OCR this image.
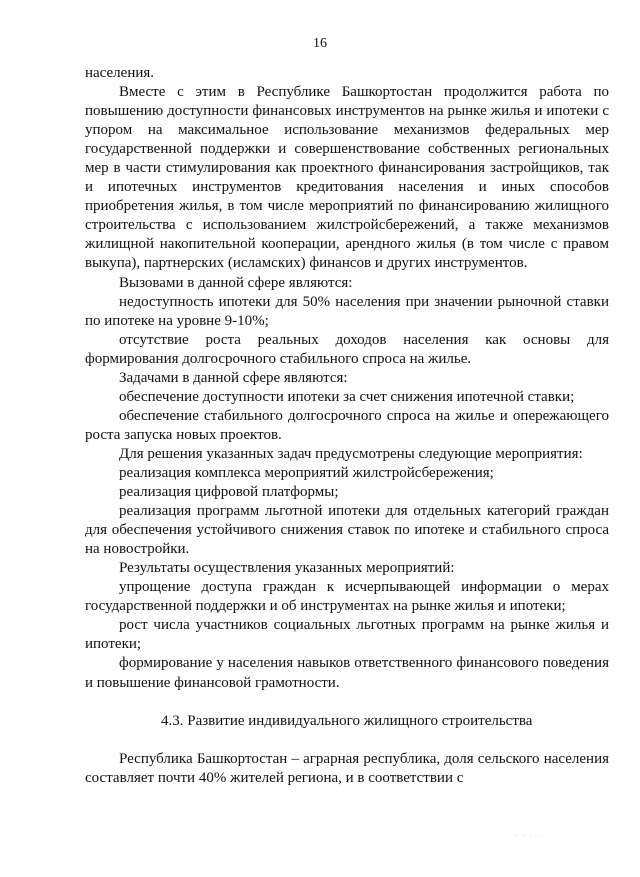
16

населения.

Вместе с этим в Республике Башкортостан продолжится работа по повышению доступности финансовых инструментов на рынке жилья и ипотеки с упором на максимальное использование механизмов федеральных мер государственной поддержки и совершенствование собственных региональных мер в части стимулирования как проектного финансирования застройщиков, так и ипотечных инструментов кредитования населения и иных способов приобретения жилья, в том числе мероприятий по финансированию жилищного строительства с использованием жилстройсбережений, а также механизмов жилищной накопительной кооперации, арендного жилья (в том числе с правом выкупа), партнерских (исламских) финансов и других инструментов.

Вызовами в данной сфере являются:

недоступность ипотеки для 50% населения при значении рыночной ставки по ипотеке на уровне 9-10%;

отсутствие роста реальных доходов населения как основы для формирования долгосрочного стабильного спроса на жилье.

Задачами в данной сфере являются:

обеспечение доступности ипотеки за счет снижения ипотечной ставки;

обеспечение стабильного долгосрочного спроса на жилье и опережающего роста запуска новых проектов.

Для решения указанных задач предусмотрены следующие мероприятия:

реализация комплекса мероприятий жилстройсбережения;

реализация цифровой платформы;

реализация программ льготной ипотеки для отдельных категорий граждан для обеспечения устойчивого снижения ставок по ипотеке и стабильного спроса на новостройки.

Результаты осуществления указанных мероприятий:

упрощение доступа граждан к исчерпывающей информации о мерах государственной поддержки и об инструментах на рынке жилья и ипотеки;

рост числа участников социальных льготных программ на рынке жилья и ипотеки;

формирование у населения навыков ответственного финансового поведения и повышение финансовой грамотности.

4.3. Развитие индивидуального жилищного строительства

Республика Башкортостан – аграрная республика, доля сельского населения составляет почти 40% жителей региона, и в соответствии с

· · · ·
